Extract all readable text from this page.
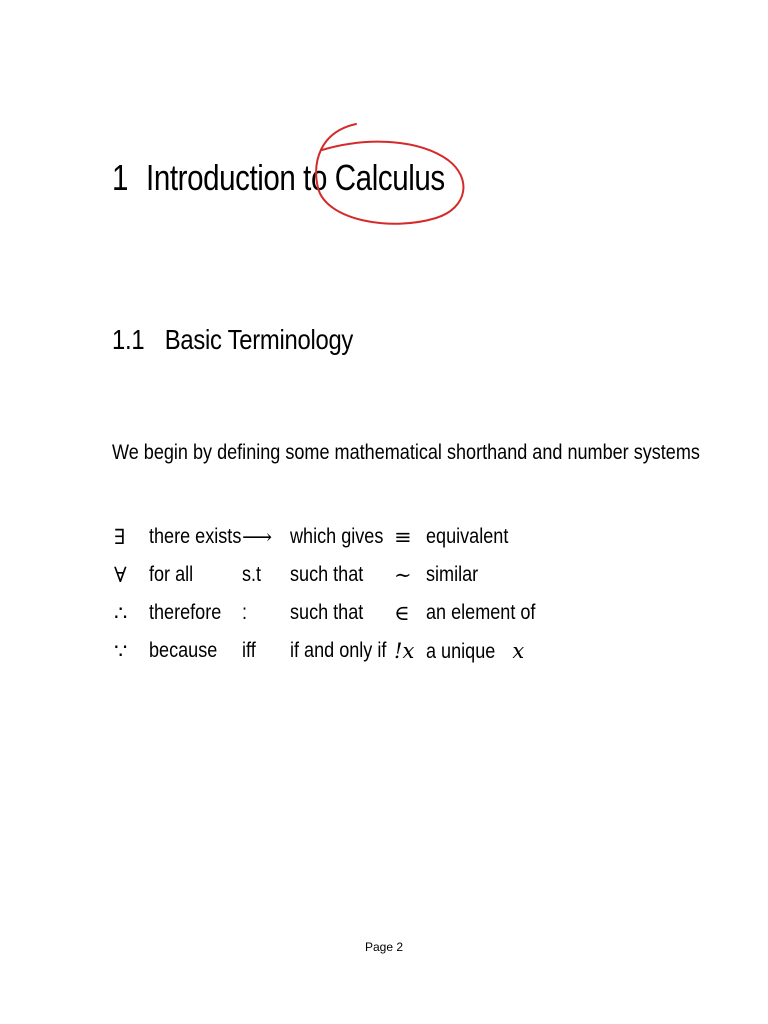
1 Introduction to Calculus
1.1 Basic Terminology

We begin by defining some mathematical shorthand and number systems

∃ there exists ⟶ which gives ≡ equivalent
∀ for all s.t such that ∼ similar
∴ therefore : such that ∈ an element of
∵ because iff if and only if !x a unique x
Page 2
